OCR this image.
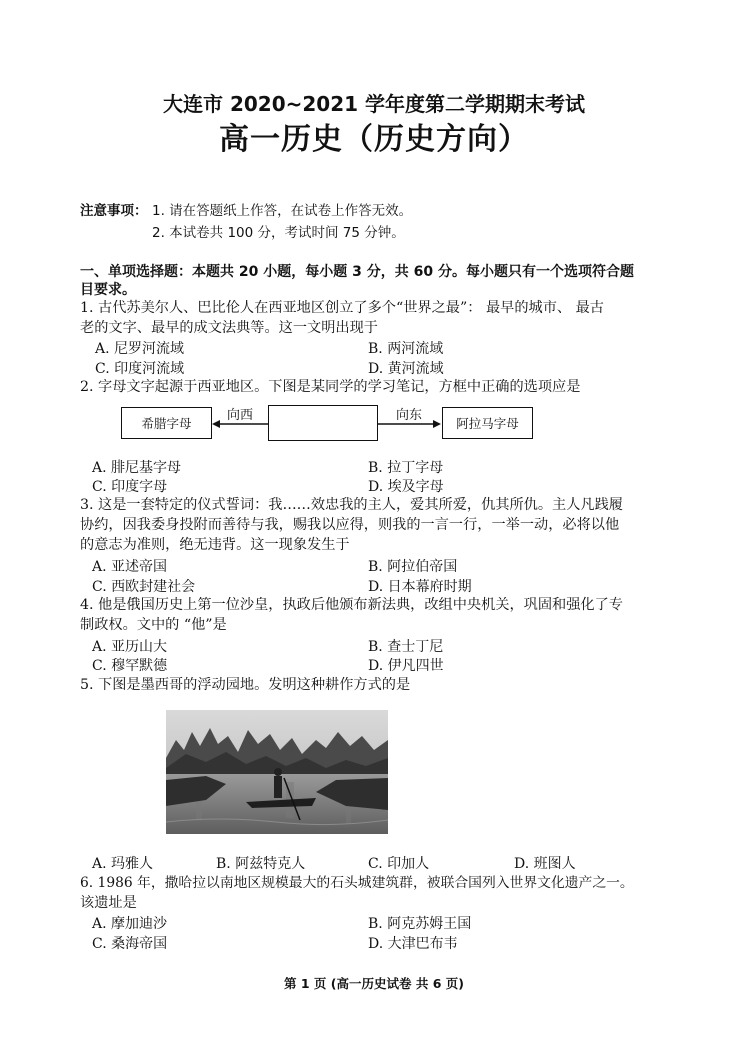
大连市 2020~2021 学年度第二学期期末考试
高一历史（历史方向）
注意事项： 1. 请在答题纸上作答，在试卷上作答无效。
2. 本试卷共 100 分，考试时间 75 分钟。
一、单项选择题：本题共 20 小题，每小题 3 分，共 60 分。每小题只有一个选项符合题
目要求。
1. 古代苏美尔人、巴比伦人在西亚地区创立了多个“世界之最”： 最早的城市、 最古
老的文字、最早的成文法典等。这一文明出现于
A. 尼罗河流域	B. 两河流域
C. 印度河流域	D. 黄河流域
2. 字母文字起源于西亚地区。下图是某同学的学习笔记，方框中正确的选项应是
希腊字母
向西	向东
阿拉马字母
A. 腓尼基字母	B. 拉丁字母
C. 印度字母	D. 埃及字母
3. 这是一套特定的仪式誓词：我……效忠我的主人，爱其所爱，仇其所仇。主人凡践履
协约，因我委身投附而善待与我，赐我以应得，则我的一言一行，一举一动，必将以他
的意志为准则，绝无违背。这一现象发生于
A. 亚述帝国	B. 阿拉伯帝国
C. 西欧封建社会	D. 日本幕府时期
4. 他是俄国历史上第一位沙皇，执政后他颁布新法典，改组中央机关，巩固和强化了专
制政权。文中的 “他”是
A. 亚历山大	B. 查士丁尼
C. 穆罕默德	D. 伊凡四世
5. 下图是墨西哥的浮动园地。发明这种耕作方式的是
A. 玛雅人	B. 阿兹特克人	C. 印加人	D. 班图人
6. 1986 年，撒哈拉以南地区规模最大的石头城建筑群，被联合国列入世界文化遗产之一。
该遗址是
A. 摩加迪沙	B. 阿克苏姆王国
C. 桑海帝国	D. 大津巴布韦
第 1 页 (高一历史试卷 共 6 页)
